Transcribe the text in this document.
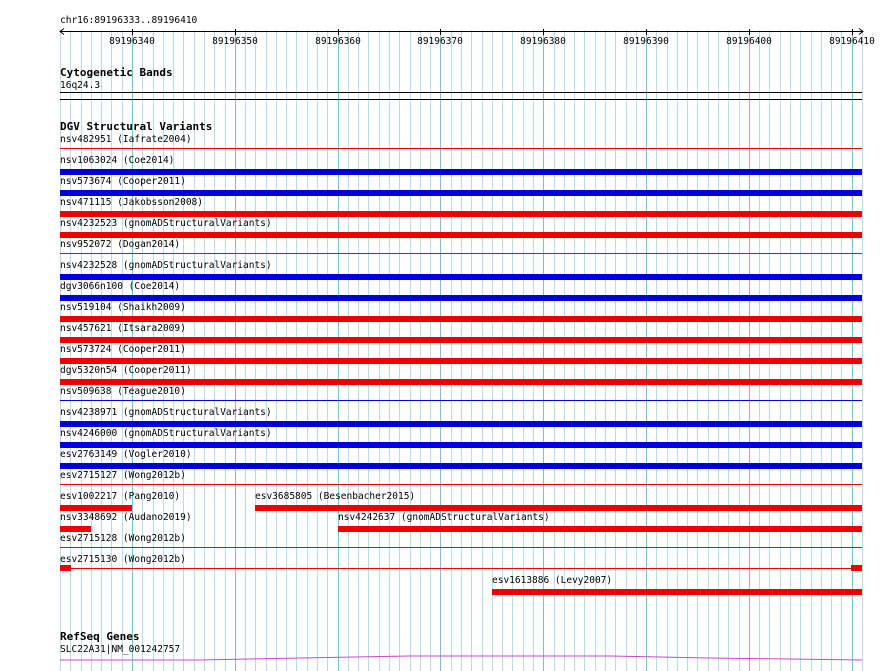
chr16:89196333..89196410
89196340	89196350	89196360	89196370	89196380	89196390	89196400	89196410
Cytogenetic Bands
16q24.3
DGV Structural Variants
nsv482951 (Iafrate2004)
nsv1063024 (Coe2014)
nsv573674 (Cooper2011)
nsv471115 (Jakobsson2008)
nsv4232523 (gnomADStructuralVariants)
nsv952072 (Dogan2014)
nsv4232528 (gnomADStructuralVariants)
dgv3066n100 (Coe2014)
nsv519104 (Shaikh2009)
nsv457621 (Itsara2009)
nsv573724 (Cooper2011)
dgv5320n54 (Cooper2011)
nsv509638 (Teague2010)
nsv4238971 (gnomADStructuralVariants)
nsv4246000 (gnomADStructuralVariants)
esv2763149 (Vogler2010)
esv2715127 (Wong2012b)
esv1002217 (Pang2010)	esv3685805 (Besenbacher2015)
nsv3348692 (Audano2019)	nsv4242637 (gnomADStructuralVariants)
esv2715128 (Wong2012b)
esv2715130 (Wong2012b)
esv1613886 (Levy2007)
RefSeq Genes
SLC22A31|NM_001242757
